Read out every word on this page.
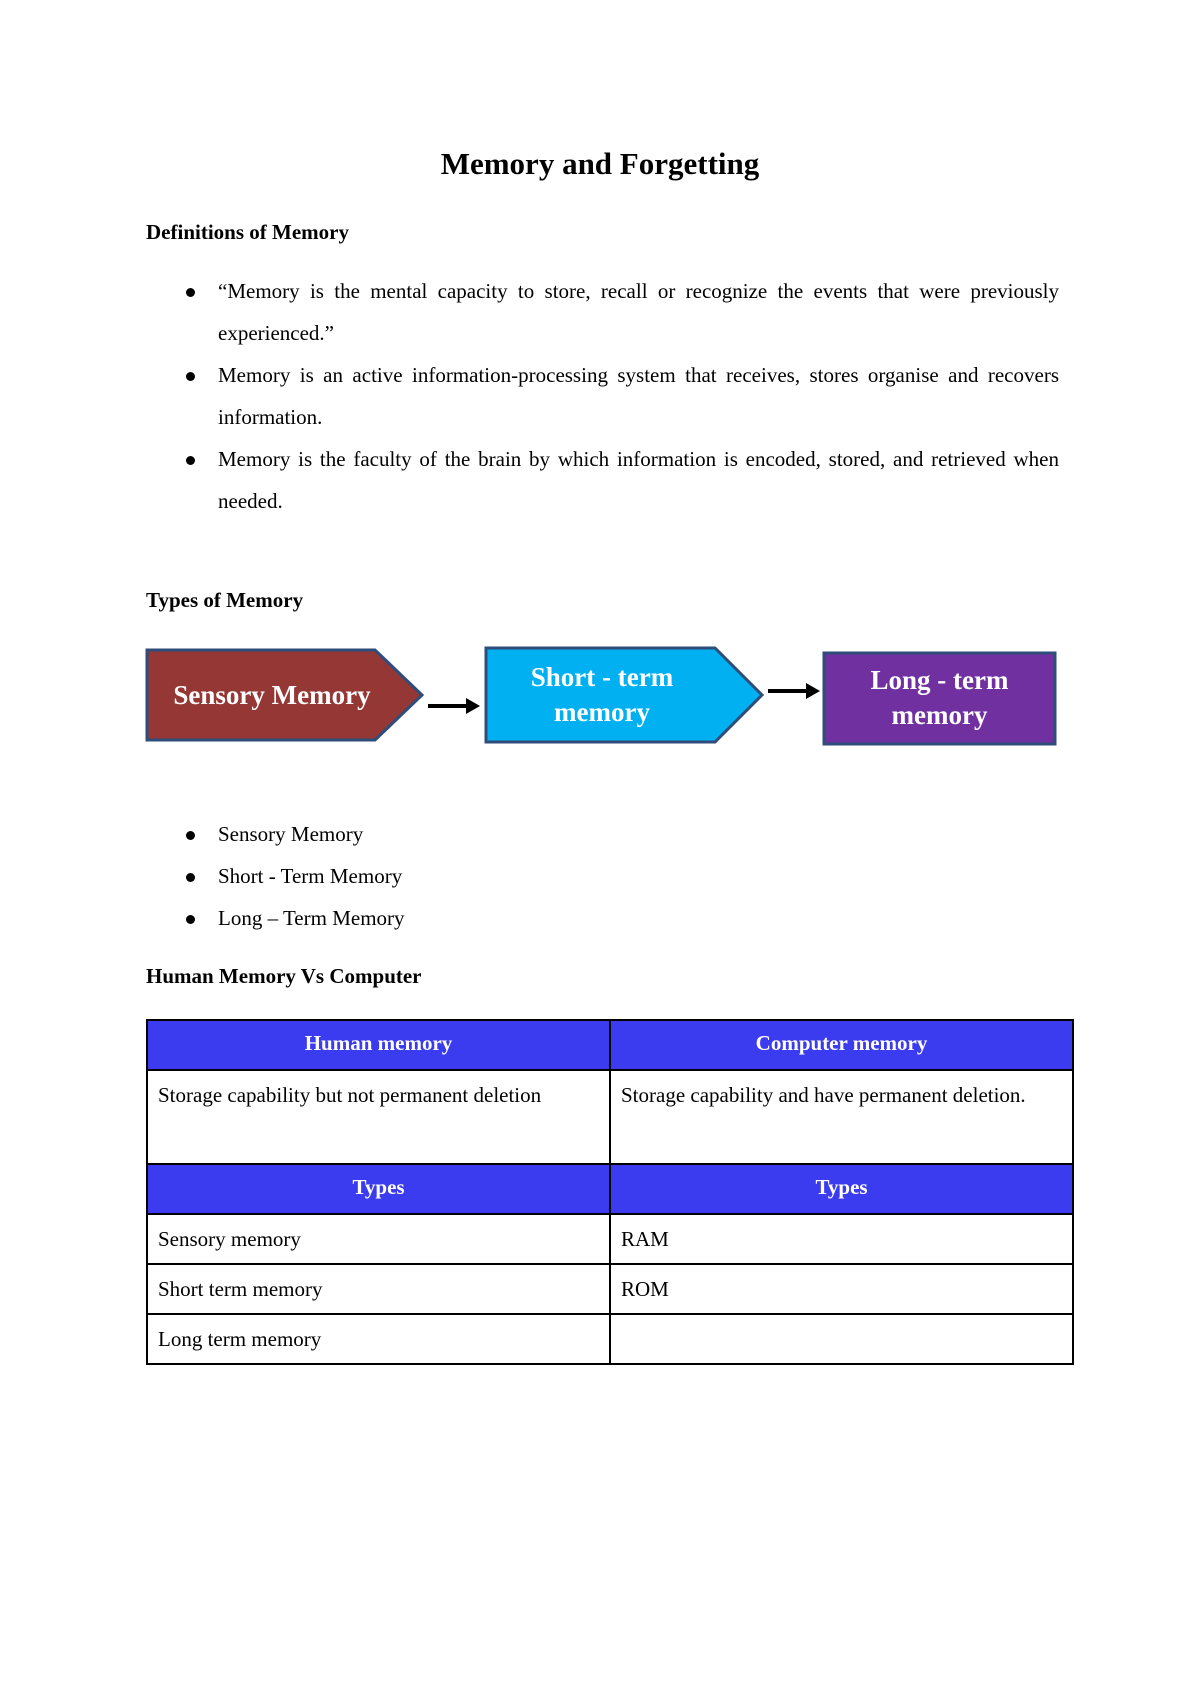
Memory and Forgetting
Definitions of Memory
“Memory is the mental capacity to store, recall or recognize the events that were previously experienced.”
Memory is an active information-processing system that receives, stores organise and recovers information.
Memory is the faculty of the brain by which information is encoded, stored, and retrieved when needed.
Types of Memory
Sensory Memory
Short - term
memory
Long - term
memory
Sensory Memory
Short - Term Memory
Long – Term Memory
Human Memory Vs Computer
Human memory	Computer memory
Storage capability but not permanent deletion	Storage capability and have permanent deletion.
Types	Types
Sensory memory	RAM
Short term memory	ROM
Long term memory	
